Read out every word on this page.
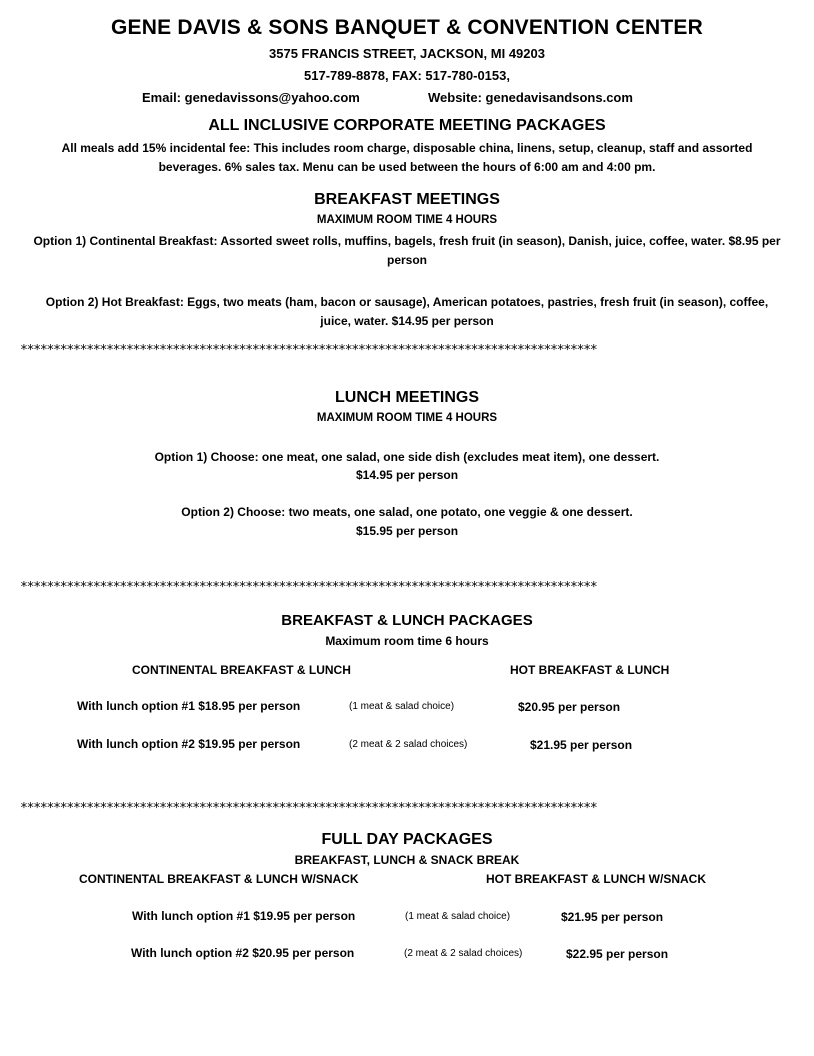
GENE DAVIS & SONS BANQUET & CONVENTION CENTER
3575 FRANCIS STREET, JACKSON, MI 49203
517-789-8878, FAX: 517-780-0153,
Email: genedavissons@yahoo.com	Website: genedavisandsons.com
ALL INCLUSIVE CORPORATE MEETING PACKAGES
All meals add 15% incidental fee: This includes room charge, disposable china, linens, setup, cleanup, staff and assorted beverages. 6% sales tax. Menu can be used between the hours of 6:00 am and 4:00 pm.
BREAKFAST MEETINGS
MAXIMUM ROOM TIME 4 HOURS
Option 1) Continental Breakfast: Assorted sweet rolls, muffins, bagels, fresh fruit (in season), Danish, juice, coffee, water. $8.95 per person
Option 2) Hot Breakfast: Eggs, two meats (ham, bacon or sausage), American potatoes, pastries, fresh fruit (in season), coffee, juice, water. $14.95 per person
***************************************************************************************
LUNCH MEETINGS
MAXIMUM ROOM TIME 4 HOURS
Option 1) Choose: one meat, one salad, one side dish (excludes meat item), one dessert.
$14.95 per person
Option 2) Choose: two meats, one salad, one potato, one veggie & one dessert.
$15.95 per person
***************************************************************************************
BREAKFAST & LUNCH PACKAGES
Maximum room time 6 hours
CONTINENTAL BREAKFAST & LUNCH	HOT BREAKFAST & LUNCH
With lunch option #1 $18.95 per person	(1 meat & salad choice)	$20.95 per person
With lunch option #2 $19.95 per person	(2 meat & 2 salad choices)	$21.95 per person
***************************************************************************************
FULL DAY PACKAGES
BREAKFAST, LUNCH & SNACK BREAK
CONTINENTAL BREAKFAST & LUNCH W/SNACK	HOT BREAKFAST & LUNCH W/SNACK
With lunch option #1 $19.95 per person	(1 meat & salad choice)	$21.95 per person
With lunch option #2 $20.95 per person	(2 meat & 2 salad choices)	$22.95 per person
